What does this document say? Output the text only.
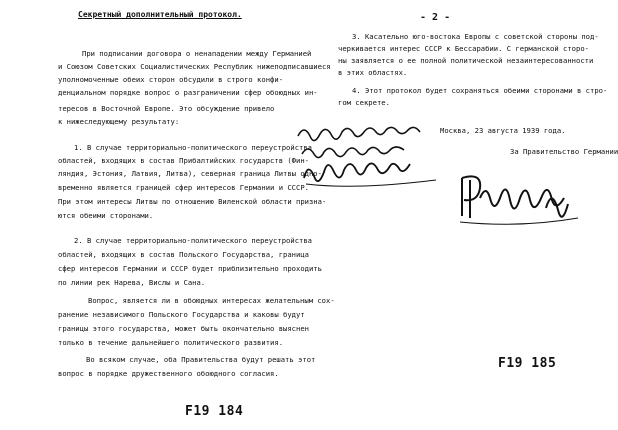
Секретный дополнительный протокол.
При подписании договора о ненападении между Германией
и Союзом Советских Социалистических Республик нижеподписавшиеся
уполномоченные обеих сторон обсудили в строго конфи-
денциальном порядке вопрос о разграничении сфер обоюдных ин-
тересов в Восточной Европе. Это обсуждение привело к нижеследующему результату:
1. В случае территориально-политического переустройства
областей, входящих в состав Прибалтийских государств (Фин-
ляндия, Эстония, Латвия, Литва), северная граница Литвы одно-
временно является границей сфер интересов Германии и СССР.
При этом интересы Литвы по отношению Виленской области призна-
ются обеими сторонами.
2. В случае территориально-политического переустройства
областей, входящих в состав Польского Государства, граница
сфер интересов Германии и СССР будет приблизительно проходить
по линии рек Нарева, Вислы и Сана.
Вопрос, является ли в обоюдных интересах желательным сох-
ранение независимого Польского Государства и каковы будут
границы этого государства, может быть окончательно выяснен
только в течение дальнейшего политического развития.
Во всяком случае, оба Правительства будут решать этот
вопрос в порядке дружественного обоюдного согласия.
F19 184
- 2 -
3. Касательно юго-востока Европы с советской стороны под-
черкивается интерес СССР к Бессарабии. С германской сторо-
ны заявляется о ее полной политической незаинтересованности
в этих областях.
4. Этот протокол будет сохраняться обеими сторонами в стро-
гом секрете.
Москва, 23 августа 1939 года.
За Правительство Германии
F19 185
